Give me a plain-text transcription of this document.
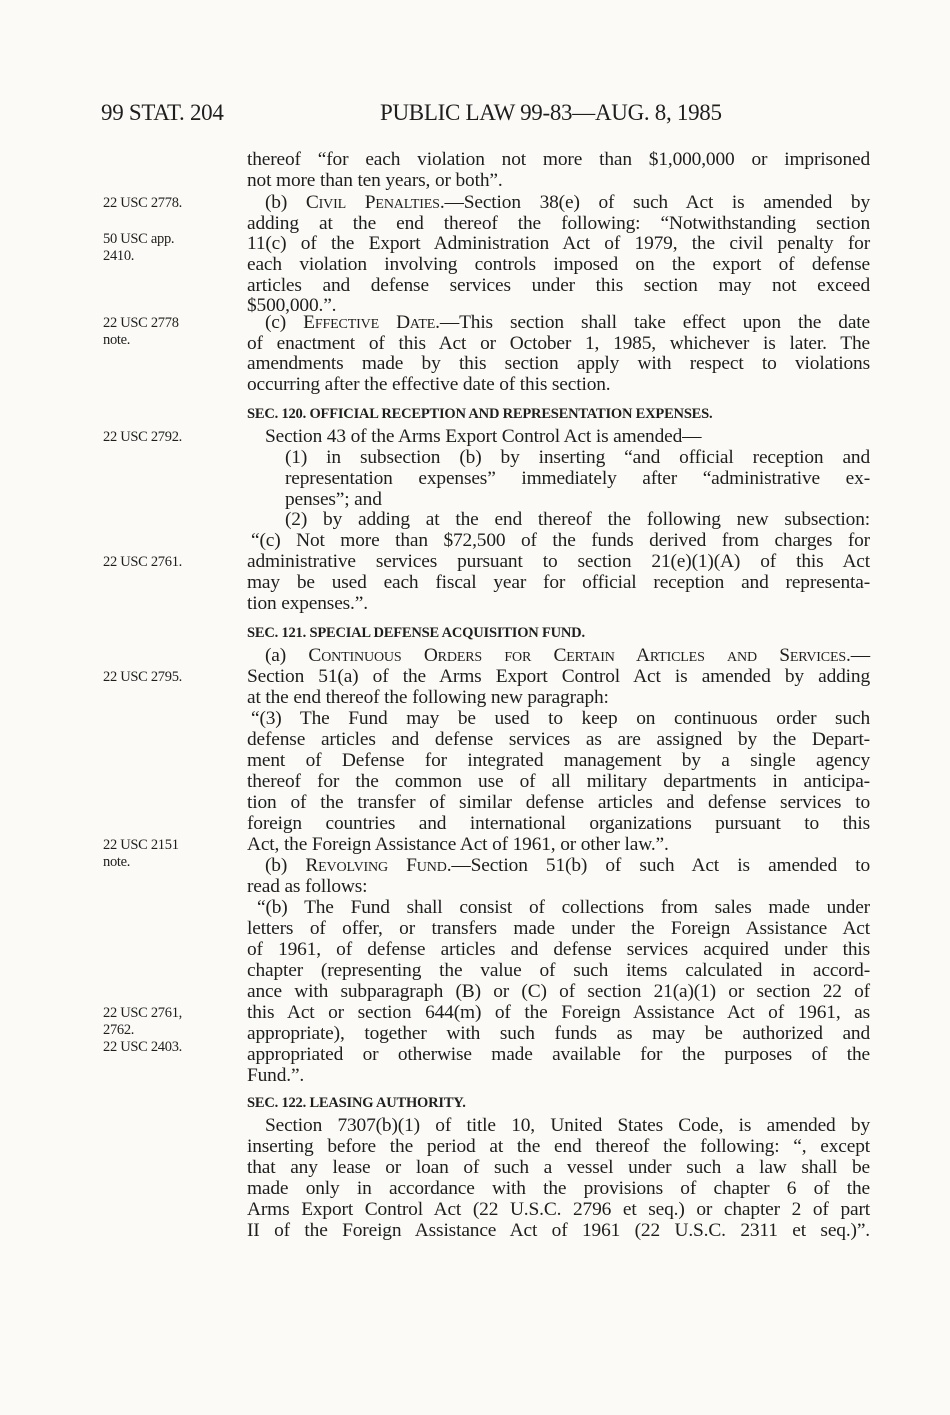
99 STAT. 204	PUBLIC LAW 99-83—AUG. 8, 1985
thereof “for each violation not more than $1,000,000 or imprisoned
not more than ten years, or both”.
(b) Civil Penalties.—Section 38(e) of such Act is amended by
adding at the end thereof the following: “Notwithstanding section
11(c) of the Export Administration Act of 1979, the civil penalty for
each violation involving controls imposed on the export of defense
articles and defense services under this section may not exceed
$500,000.”.
(c) Effective Date.—This section shall take effect upon the date
of enactment of this Act or October 1, 1985, whichever is later. The
amendments made by this section apply with respect to violations
occurring after the effective date of this section.
Section 43 of the Arms Export Control Act is amended—
(1) in subsection (b) by inserting “and official reception and
representation expenses” immediately after “administrative ex-
penses”; and
(2) by adding at the end thereof the following new subsection:
“(c) Not more than $72,500 of the funds derived from charges for
administrative services pursuant to section 21(e)(1)(A) of this Act
may be used each fiscal year for official reception and representa-
tion expenses.”.
(a) Continuous Orders for Certain Articles and Services.—
Section 51(a) of the Arms Export Control Act is amended by adding
at the end thereof the following new paragraph:
“(3) The Fund may be used to keep on continuous order such
defense articles and defense services as are assigned by the Depart-
ment of Defense for integrated management by a single agency
thereof for the common use of all military departments in anticipa-
tion of the transfer of similar defense articles and defense services to
foreign countries and international organizations pursuant to this
Act, the Foreign Assistance Act of 1961, or other law.”.
(b) Revolving Fund.—Section 51(b) of such Act is amended to
read as follows:
“(b) The Fund shall consist of collections from sales made under
letters of offer, or transfers made under the Foreign Assistance Act
of 1961, of defense articles and defense services acquired under this
chapter (representing the value of such items calculated in accord-
ance with subparagraph (B) or (C) of section 21(a)(1) or section 22 of
this Act or section 644(m) of the Foreign Assistance Act of 1961, as
appropriate), together with such funds as may be authorized and
appropriated or otherwise made available for the purposes of the
Fund.”.
Section 7307(b)(1) of title 10, United States Code, is amended by
inserting before the period at the end thereof the following: “, except
that any lease or loan of such a vessel under such a law shall be
made only in accordance with the provisions of chapter 6 of the
Arms Export Control Act (22 U.S.C. 2796 et seq.) or chapter 2 of part
II of the Foreign Assistance Act of 1961 (22 U.S.C. 2311 et seq.)”.
SEC. 120. OFFICIAL RECEPTION AND REPRESENTATION EXPENSES.
SEC. 121. SPECIAL DEFENSE ACQUISITION FUND.
SEC. 122. LEASING AUTHORITY.
22 USC 2778.
50 USC app.
2410.
22 USC 2778
note.
22 USC 2792.
22 USC 2761.
22 USC 2795.
22 USC 2151
note.
22 USC 2761,
2762.
22 USC 2403.
